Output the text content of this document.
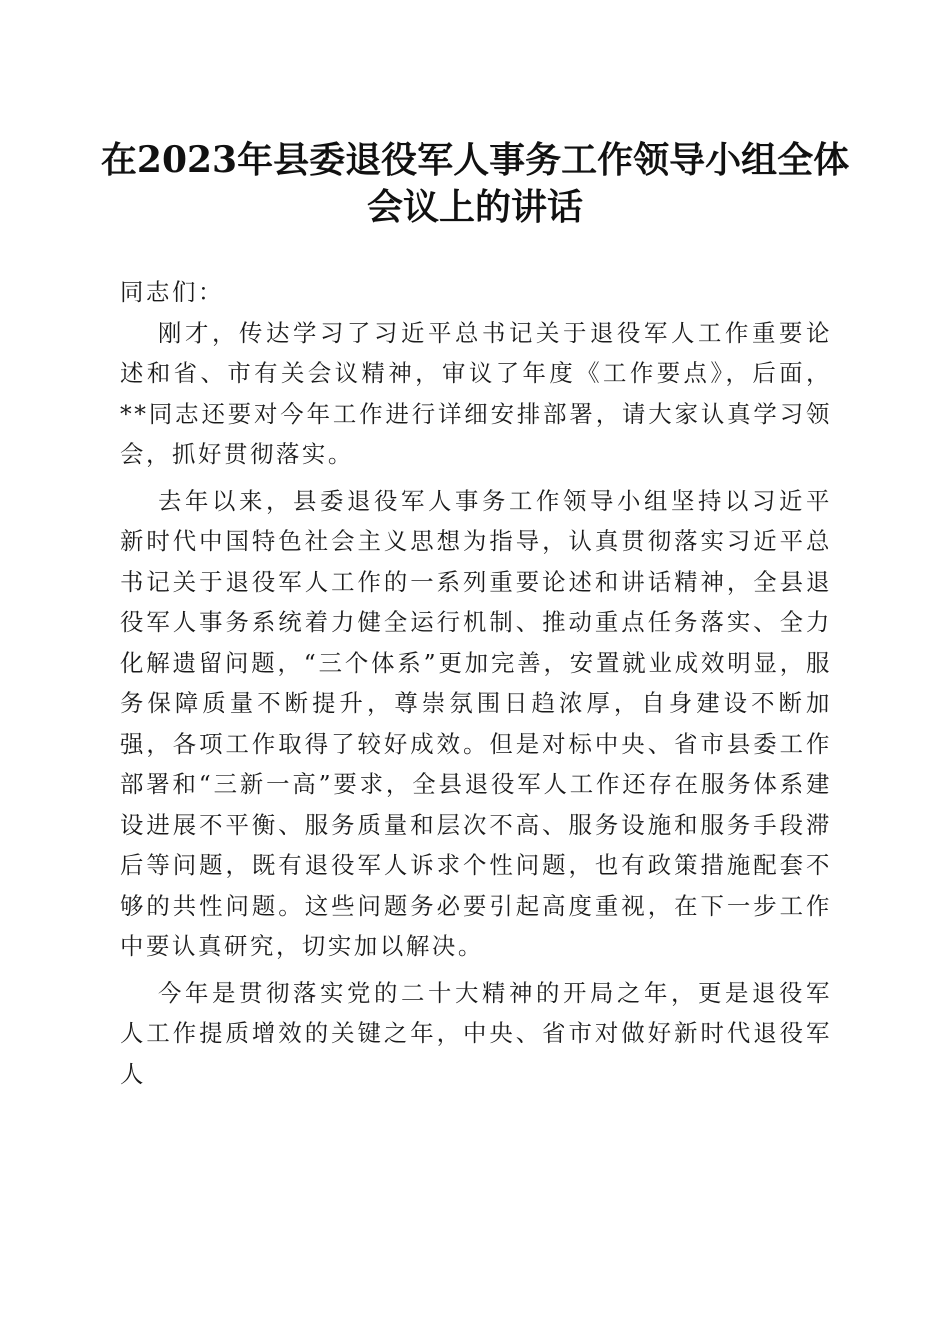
在2023年县委退役军人事务工作领导小组全体会议上的讲话

同志们：

刚才，传达学习了习近平总书记关于退役军人工作重要论述和省、市有关会议精神，审议了年度《工作要点》，后面，**同志还要对今年工作进行详细安排部署，请大家认真学习领会，抓好贯彻落实。

去年以来，县委退役军人事务工作领导小组坚持以习近平新时代中国特色社会主义思想为指导，认真贯彻落实习近平总书记关于退役军人工作的一系列重要论述和讲话精神，全县退役军人事务系统着力健全运行机制、推动重点任务落实、全力化解遗留问题，“三个体系”更加完善，安置就业成效明显，服务保障质量不断提升，尊崇氛围日趋浓厚，自身建设不断加强，各项工作取得了较好成效。但是对标中央、省市县委工作部署和“三新一高”要求，全县退役军人工作还存在服务体系建设进展不平衡、服务质量和层次不高、服务设施和服务手段滞后等问题，既有退役军人诉求个性问题，也有政策措施配套不够的共性问题。这些问题务必要引起高度重视，在下一步工作中要认真研究，切实加以解决。

今年是贯彻落实党的二十大精神的开局之年，更是退役军人工作提质增效的关键之年，中央、省市对做好新时代退役军人
